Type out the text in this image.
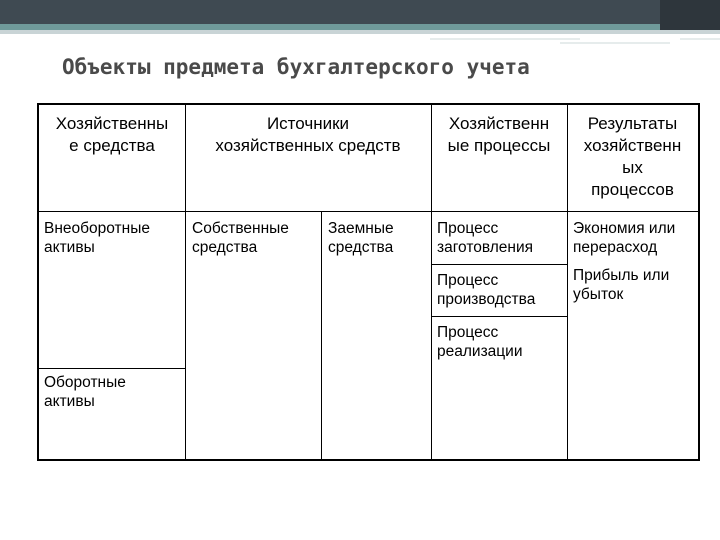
Объекты предмета бухгалтерского учета
Хозяйственны
е средства
Источники
хозяйственных средств
Хозяйственн
ые процессы
Результаты
хозяйственн
ых
процессов
Внеоборотные
активы
Оборотные
активы
Собственные
средства
Заемные
средства
Процесс
заготовления
Процесс
производства
Процесс
реализации
Экономия или
перерасход
Прибыль или
убыток
